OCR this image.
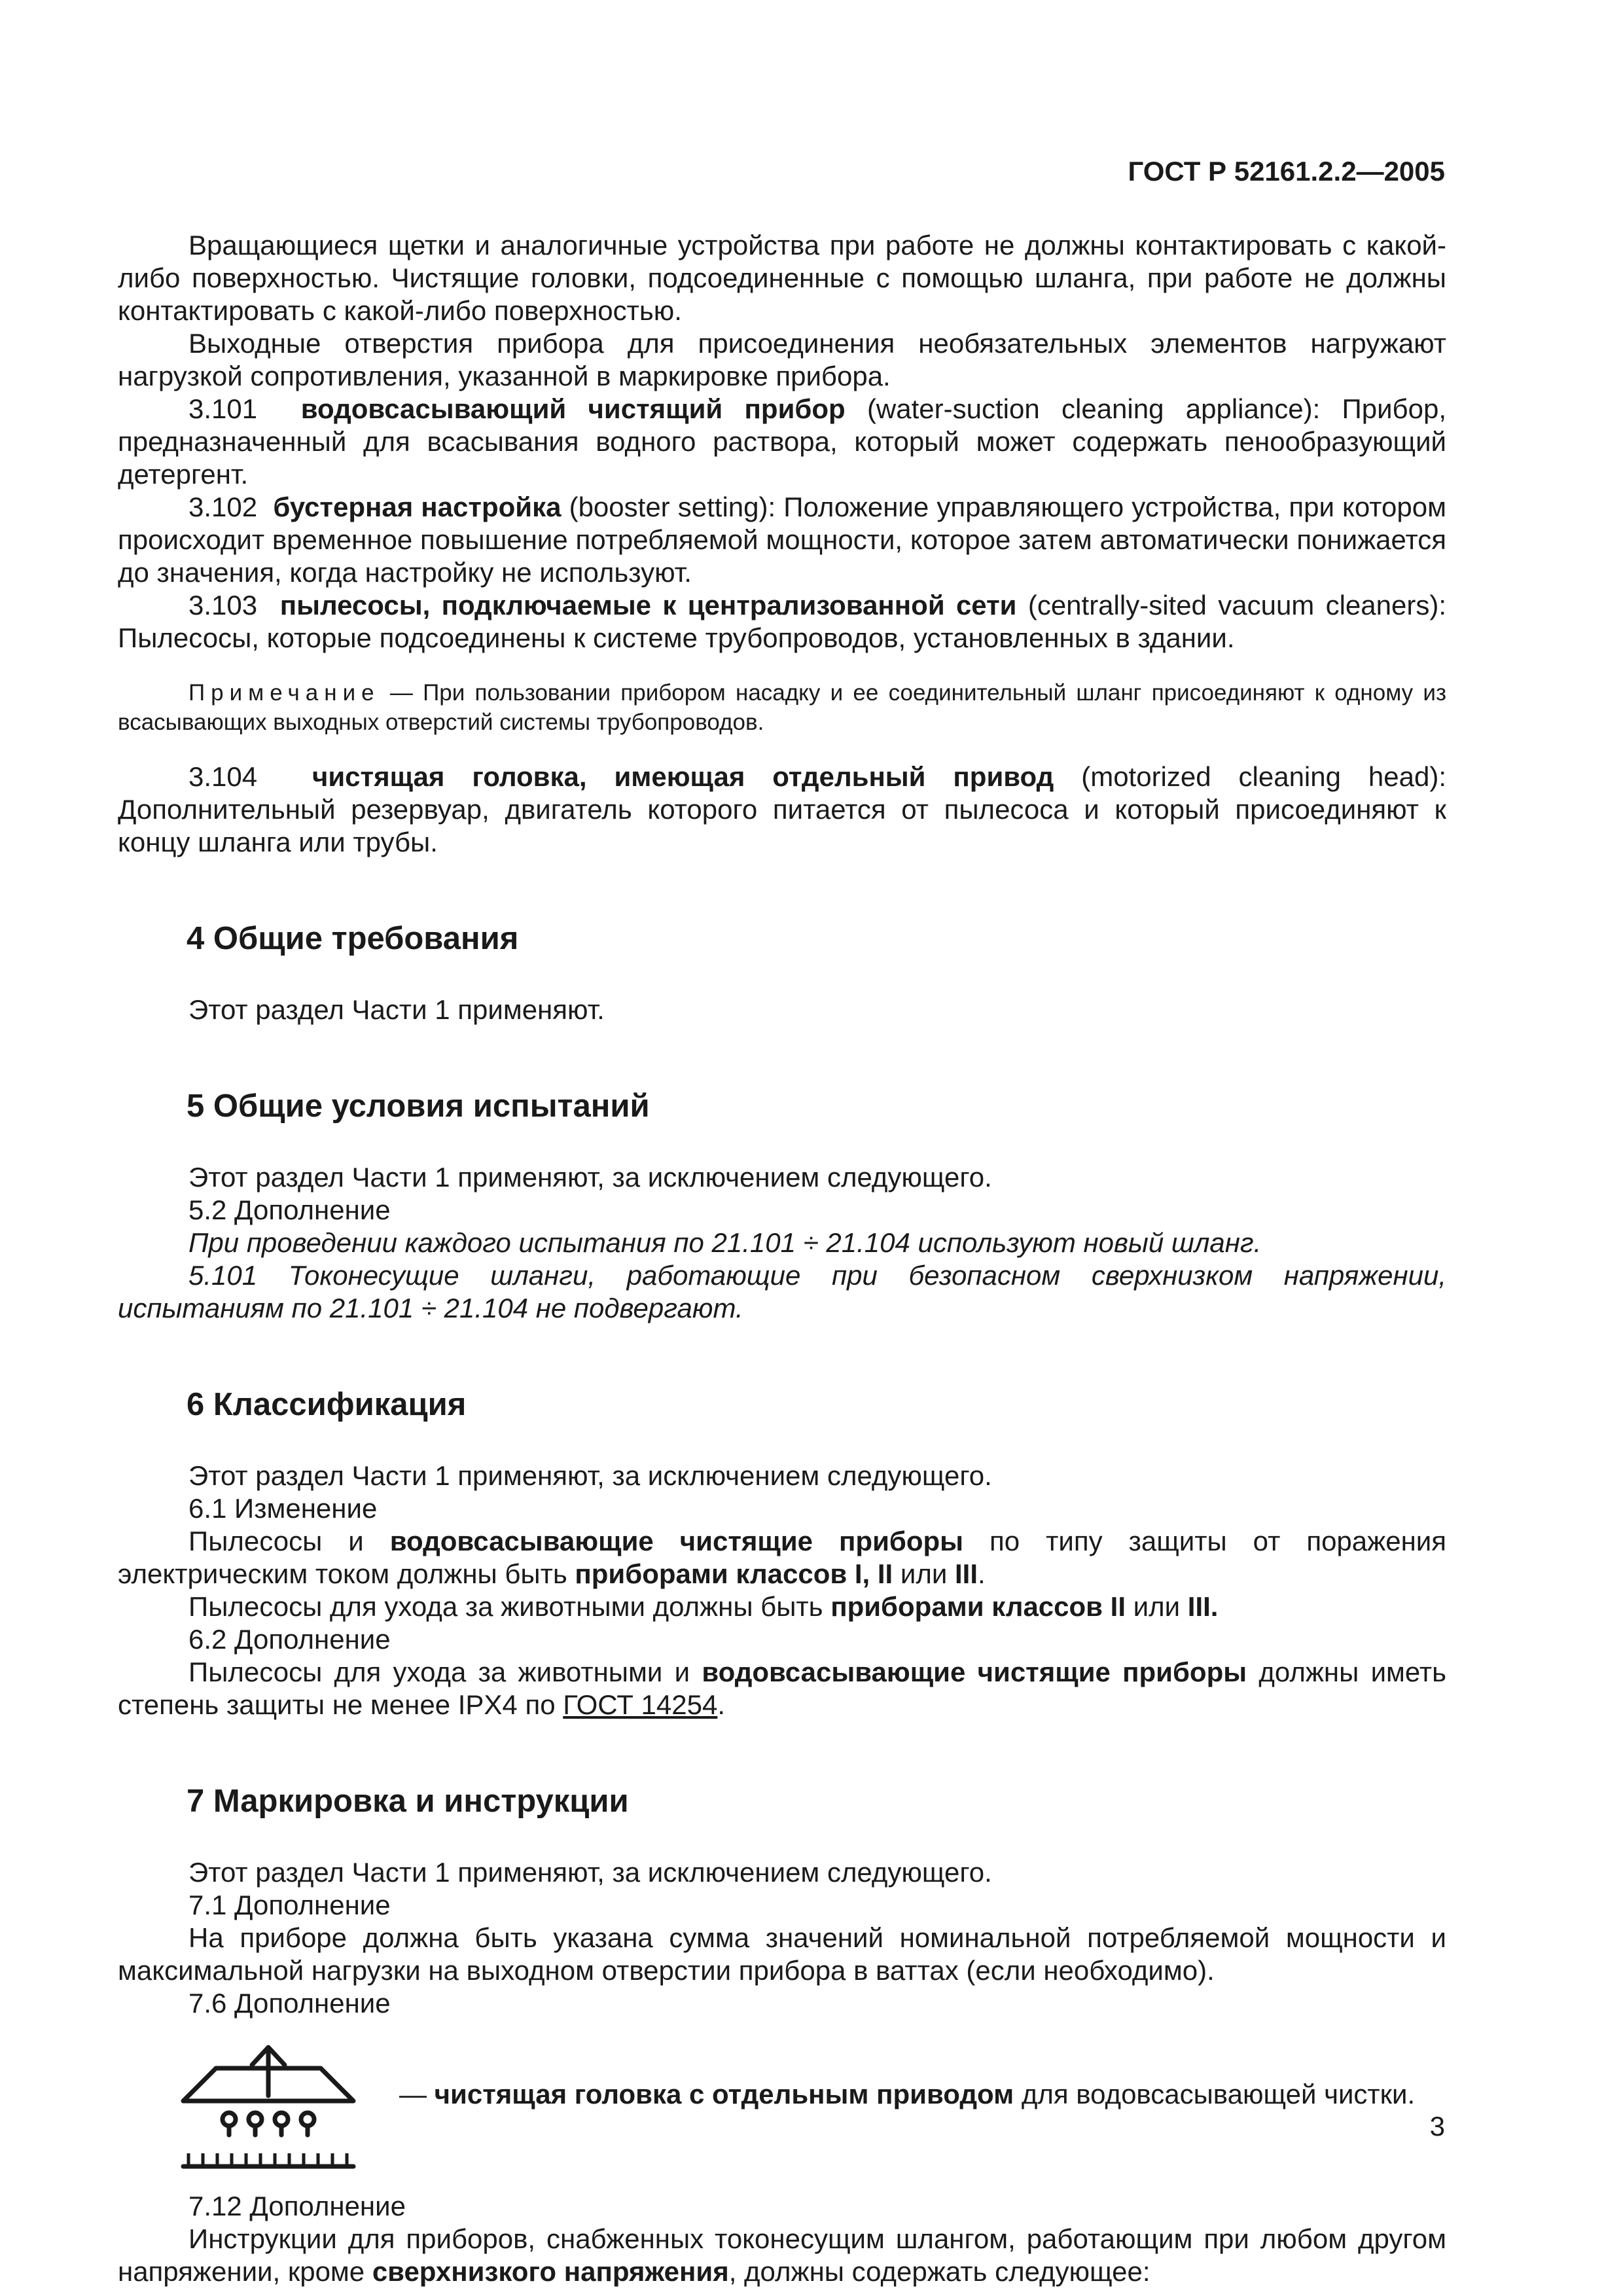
ГОСТ Р 52161.2.2—2005

Вращающиеся щетки и аналогичные устройства при работе не должны контактировать с какой-либо поверхностью. Чистящие головки, подсоединенные с помощью шланга, при работе не должны контактировать с какой-либо поверхностью.

Выходные отверстия прибора для присоединения необязательных элементов нагружают нагрузкой сопротивления, указанной в маркировке прибора.

3.101 водовсасывающий чистящий прибор (water-suction cleaning appliance): Прибор, предназначенный для всасывания водного раствора, который может содержать пенообразующий детергент.

3.102 бустерная настройка (booster setting): Положение управляющего устройства, при котором происходит временное повышение потребляемой мощности, которое затем автоматически понижается до значения, когда настройку не используют.

3.103 пылесосы, подключаемые к централизованной сети (centrally-sited vacuum cleaners): Пылесосы, которые подсоединены к системе трубопроводов, установленных в здании.

Примечание — При пользовании прибором насадку и ее соединительный шланг присоединяют к одному из всасывающих выходных отверстий системы трубопроводов.

3.104 чистящая головка, имеющая отдельный привод (motorized cleaning head): Дополнительный резервуар, двигатель которого питается от пылесоса и который присоединяют к концу шланга или трубы.

4 Общие требования

Этот раздел Части 1 применяют.

5 Общие условия испытаний

Этот раздел Части 1 применяют, за исключением следующего.

5.2 Дополнение

При проведении каждого испытания по 21.101 ÷ 21.104 используют новый шланг.

5.101 Токонесущие шланги, работающие при безопасном сверхнизком напряжении, испытаниям по 21.101 ÷ 21.104 не подвергают.

6 Классификация

Этот раздел Части 1 применяют, за исключением следующего.

6.1 Изменение

Пылесосы и водовсасывающие чистящие приборы по типу защиты от поражения электрическим током должны быть приборами классов I, II или III.

Пылесосы для ухода за животными должны быть приборами классов II или III.

6.2 Дополнение

Пылесосы для ухода за животными и водовсасывающие чистящие приборы должны иметь степень защиты не менее IPX4 по ГОСТ 14254.

7 Маркировка и инструкции

Этот раздел Части 1 применяют, за исключением следующего.

7.1 Дополнение

На приборе должна быть указана сумма значений номинальной потребляемой мощности и максимальной нагрузки на выходном отверстии прибора в ваттах (если необходимо).

7.6 Дополнение

— чистящая головка с отдельным приводом для водовсасывающей чистки.

7.12 Дополнение

Инструкции для приборов, снабженных токонесущим шлангом, работающим при любом другом напряжении, кроме сверхнизкого напряжения, должны содержать следующее:

3
